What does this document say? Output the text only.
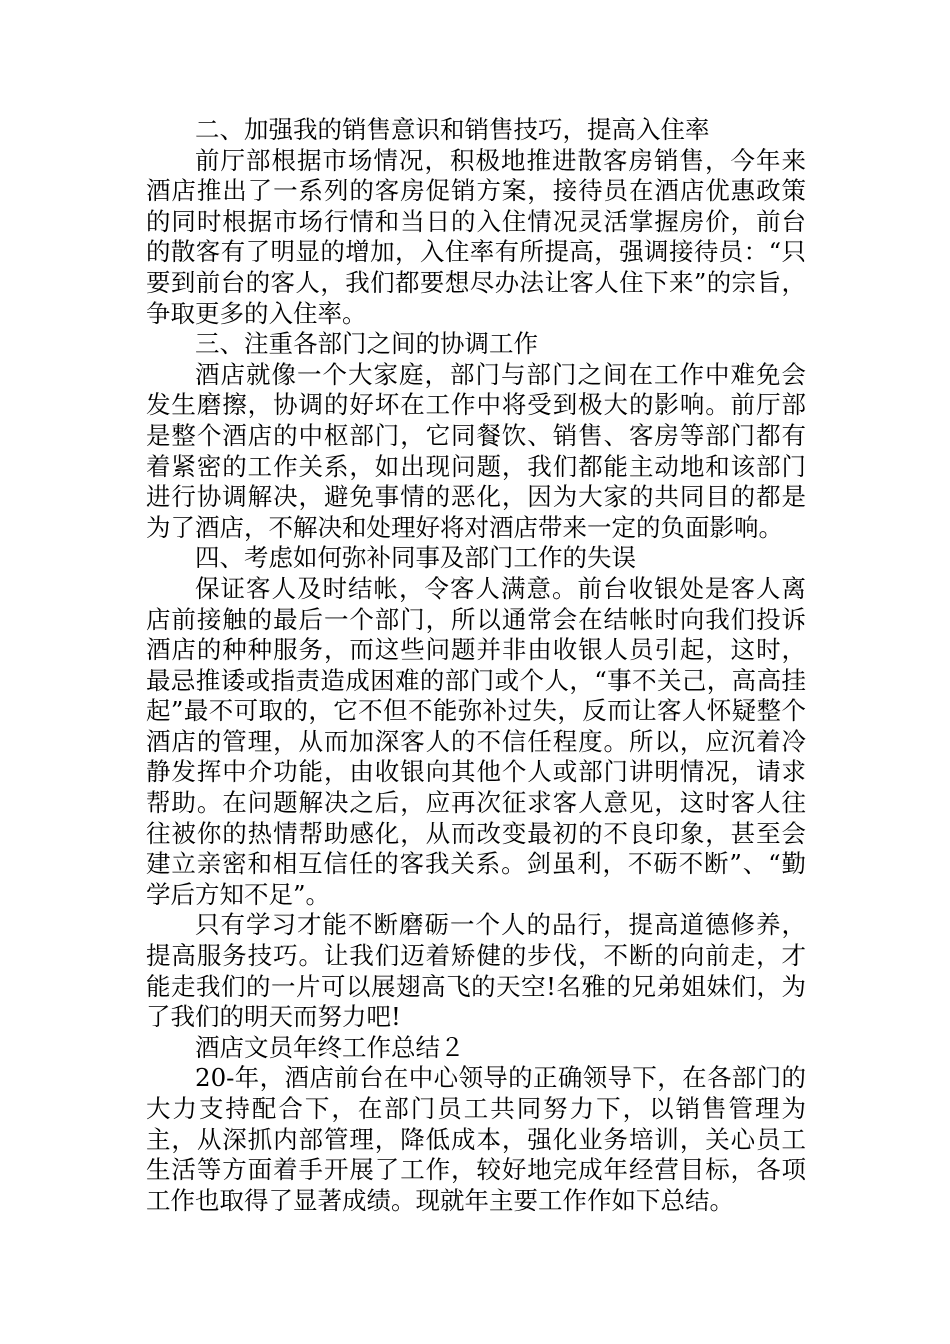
二、加强我的销售意识和销售技巧，提高入住率

前厅部根据市场情况，积极地推进散客房销售，今年来酒店推出了一系列的客房促销方案，接待员在酒店优惠政策的同时根据市场行情和当日的入住情况灵活掌握房价，前台的散客有了明显的增加，入住率有所提高，强调接待员：“只要到前台的客人，我们都要想尽办法让客人住下来”的宗旨，争取更多的入住率。

三、注重各部门之间的协调工作

酒店就像一个大家庭，部门与部门之间在工作中难免会发生磨擦，协调的好坏在工作中将受到极大的影响。前厅部是整个酒店的中枢部门，它同餐饮、销售、客房等部门都有着紧密的工作关系，如出现问题，我们都能主动地和该部门进行协调解决，避免事情的恶化，因为大家的共同目的都是为了酒店，不解决和处理好将对酒店带来一定的负面影响。

四、考虑如何弥补同事及部门工作的失误

保证客人及时结帐，令客人满意。前台收银处是客人离店前接触的最后一个部门，所以通常会在结帐时向我们投诉酒店的种种服务，而这些问题并非由收银人员引起，这时，最忌推诿或指责造成困难的部门或个人，“事不关己，高高挂起”最不可取的，它不但不能弥补过失，反而让客人怀疑整个酒店的管理，从而加深客人的不信任程度。所以，应沉着冷静发挥中介功能，由收银向其他个人或部门讲明情况，请求帮助。在问题解决之后，应再次征求客人意见，这时客人往往被你的热情帮助感化，从而改变最初的不良印象，甚至会建立亲密和相互信任的客我关系。剑虽利，不砺不断”、“勤学后方知不足”。

只有学习才能不断磨砺一个人的品行，提高道德修养，提高服务技巧。让我们迈着矫健的步伐，不断的向前走，才能走我们的一片可以展翅高飞的天空!名雅的兄弟姐妹们，为了我们的明天而努力吧!

酒店文员年终工作总结２

20-年，酒店前台在中心领导的正确领导下，在各部门的大力支持配合下，在部门员工共同努力下，以销售管理为主，从深抓内部管理，降低成本，强化业务培训，关心员工生活等方面着手开展了工作，较好地完成年经营目标，各项工作也取得了显著成绩。现就年主要工作作如下总结。
